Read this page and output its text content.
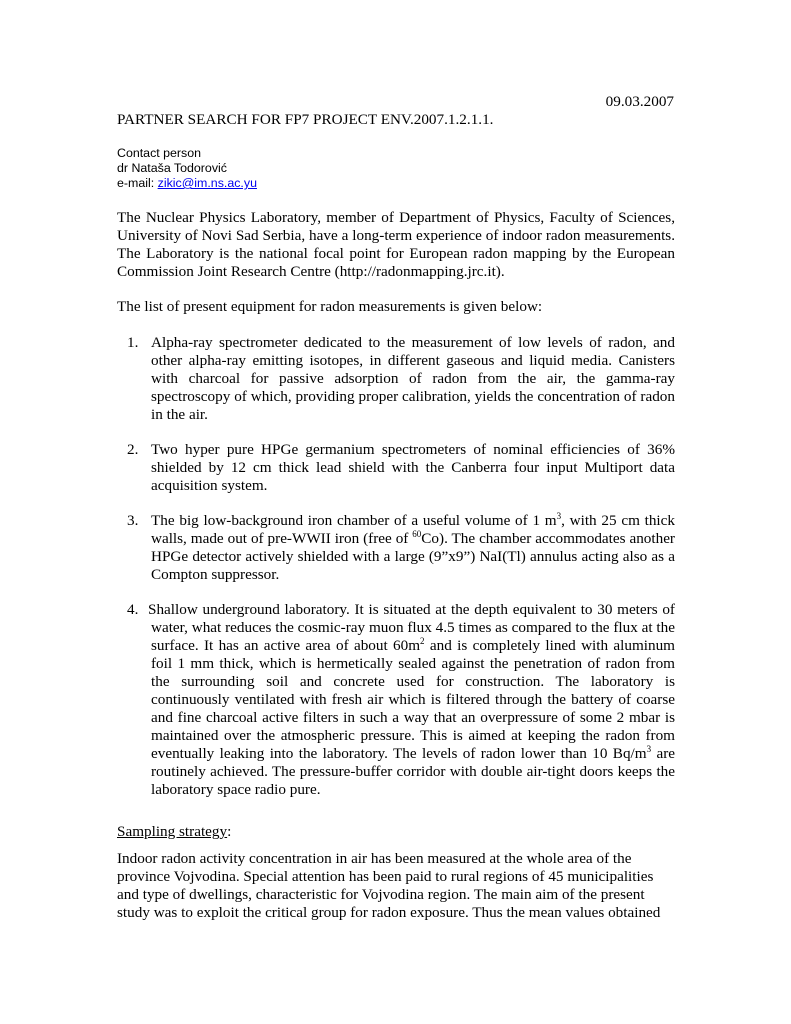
09.03.2007
PARTNER SEARCH FOR FP7 PROJECT ENV.2007.1.2.1.1.
Contact person
dr Nataša Todorović
e-mail: zikic@im.ns.ac.yu
The Nuclear Physics Laboratory, member of Department of Physics, Faculty of Sciences, University of Novi Sad Serbia, have a long-term experience of indoor radon measurements. The Laboratory is the national focal point for European radon mapping by the European Commission Joint Research Centre (http://radonmapping.jrc.it).
The list of present equipment for radon measurements is given below:
1. Alpha-ray spectrometer dedicated to the measurement of low levels of radon, and other alpha-ray emitting isotopes, in different gaseous and liquid media. Canisters with charcoal for passive adsorption of radon from the air, the gamma-ray spectroscopy of which, providing proper calibration, yields the concentration of radon in the air.
2. Two hyper pure HPGe germanium spectrometers of nominal efficiencies of 36% shielded by 12 cm thick lead shield with the Canberra four input Multiport data acquisition system.
3. The big low-background iron chamber of a useful volume of 1 $m^3$, with 25 cm thick walls, made out of pre-WWII iron (free of $^{60}$Co). The chamber accommodates another HPGe detector actively shielded with a large (9”x9”) NaI(Tl) annulus acting also as a Compton suppressor.
4. Shallow underground laboratory. It is situated at the depth equivalent to 30 meters of water, what reduces the cosmic-ray muon flux 4.5 times as compared to the flux at the surface. It has an active area of about $60m^2$ and is completely lined with aluminum foil 1 mm thick, which is hermetically sealed against the penetration of radon from the surrounding soil and concrete used for construction. The laboratory is continuously ventilated with fresh air which is filtered through the battery of coarse and fine charcoal active filters in such a way that an overpressure of some 2 mbar is maintained over the atmospheric pressure. This is aimed at keeping the radon from eventually leaking into the laboratory. The levels of radon lower than 10 $Bq/m^3$ are routinely achieved. The pressure-buffer corridor with double air-tight doors keeps the laboratory space radio pure.
Sampling strategy:
Indoor radon activity concentration in air has been measured at the whole area of the province Vojvodina. Special attention has been paid to rural regions of 45 municipalities and type of dwellings, characteristic for Vojvodina region. The main aim of the present study was to exploit the critical group for radon exposure. Thus the mean values obtained
